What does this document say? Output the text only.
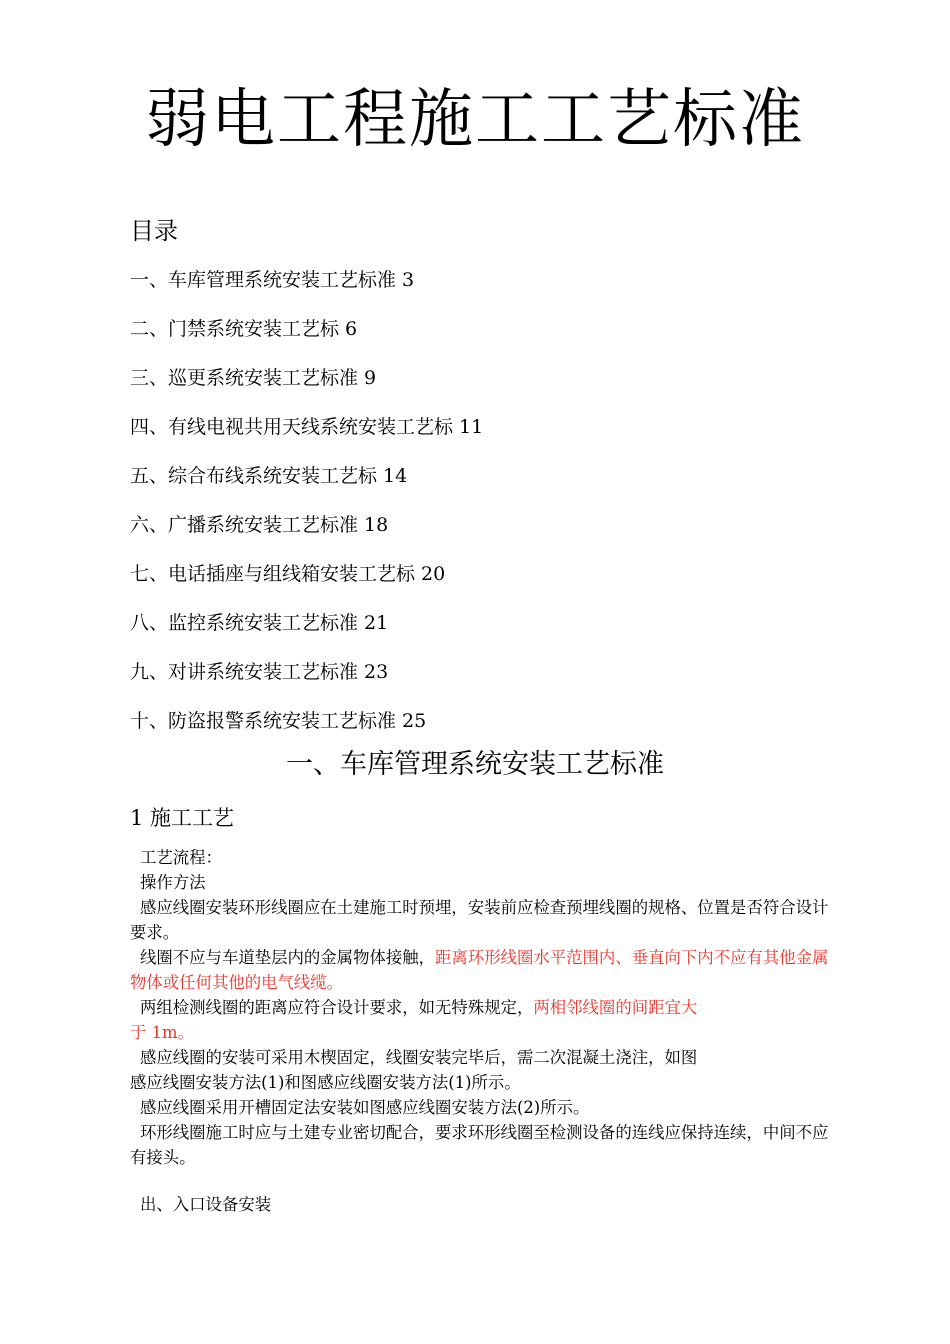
弱电工程施工工艺标准
目录
一、车库管理系统安装工艺标准 3
二、门禁系统安装工艺标 6
三、巡更系统安装工艺标准 9
四、有线电视共用天线系统安装工艺标 11
五、综合布线系统安装工艺标 14
六、广播系统安装工艺标准 18
七、电话插座与组线箱安装工艺标 20
八、监控系统安装工艺标准 21
九、对讲系统安装工艺标准 23
十、防盗报警系统安装工艺标准 25
一、车库管理系统安装工艺标准
1 施工工艺

工艺流程：

操作方法

感应线圈安装环形线圈应在土建施工时预埋，安装前应检查预埋线圈的规格、位置是否符合设计要求。

线圈不应与车道垫层内的金属物体接触，距离环形线圈水平范围内、垂直向下内不应有其他金属物体或任何其他的电气线缆。

两组检测线圈的距离应符合设计要求，如无特殊规定，两相邻线圈的间距宜大

于 1m。

感应线圈的安装可采用木楔固定，线圈安装完毕后，需二次混凝土浇注，如图

感应线圈安装方法(1)和图感应线圈安装方法(1)所示。

感应线圈采用开槽固定法安装如图感应线圈安装方法(2)所示。

环形线圈施工时应与土建专业密切配合，要求环形线圈至检测设备的连线应保持连续，中间不应有接头。

出、入口设备安装
